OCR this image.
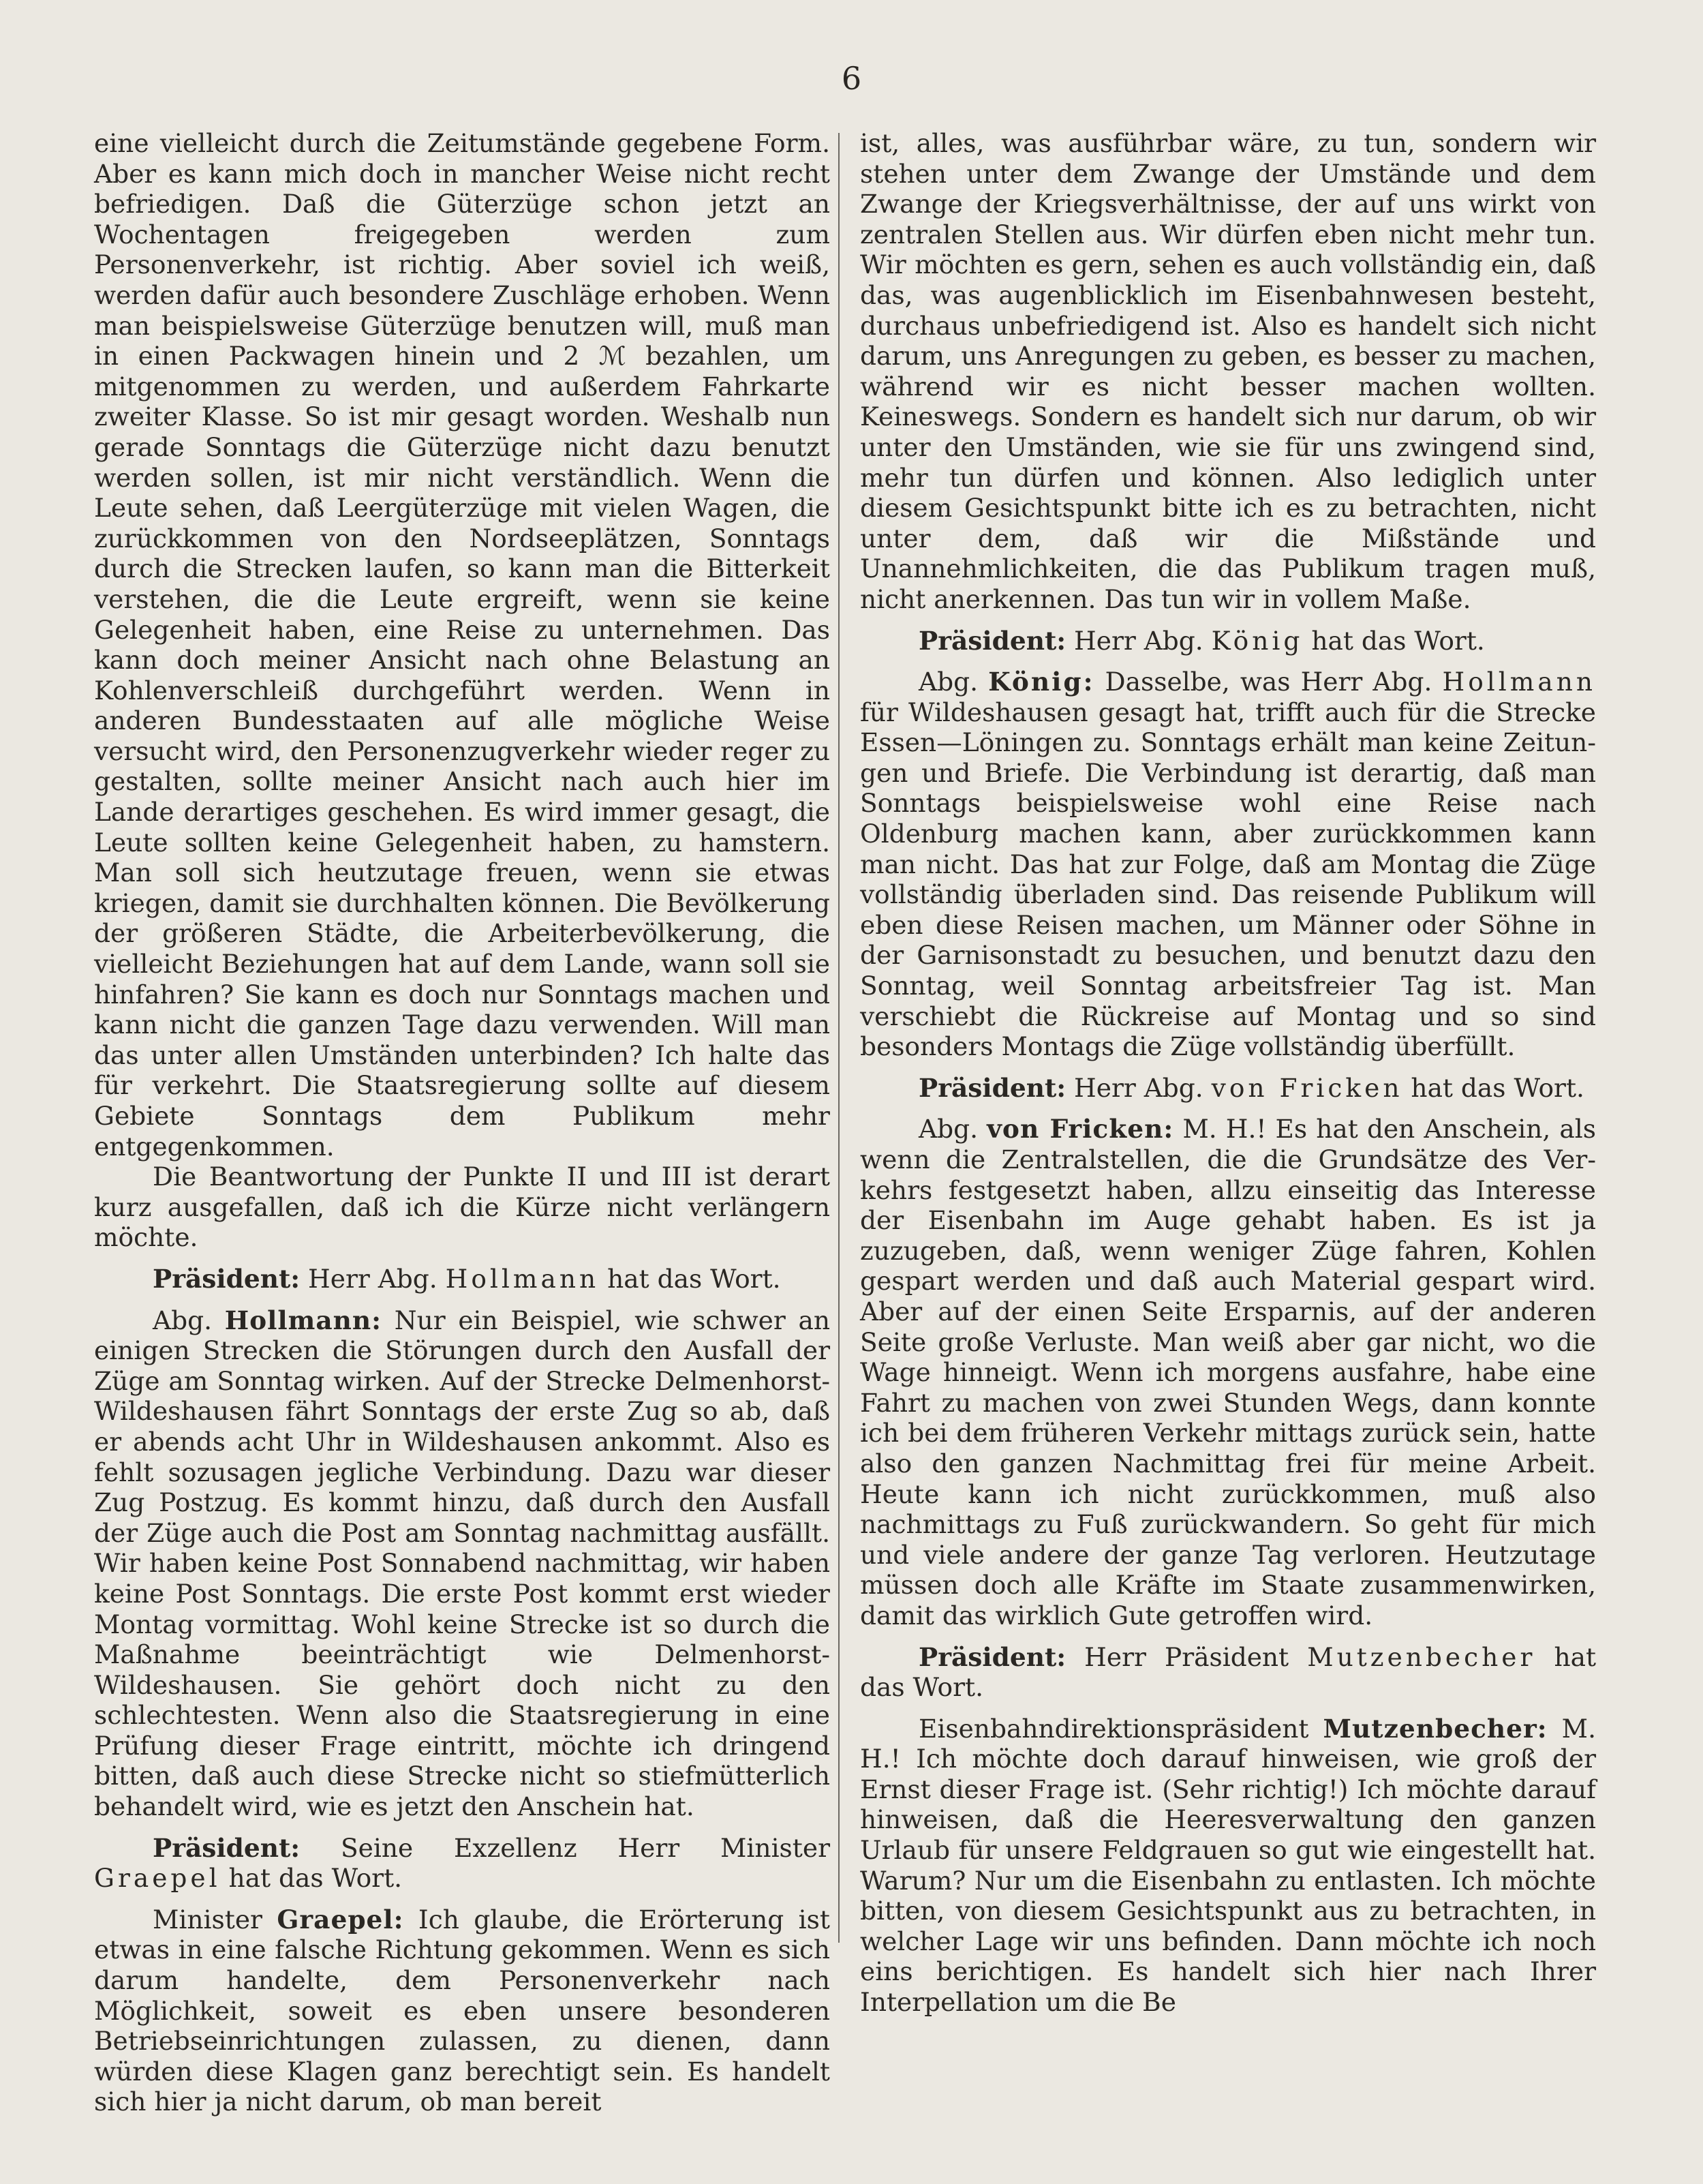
6

eine vielleicht durch die Zeitumstände gegebene Form. Aber es kann mich doch in mancher Weise nicht recht befriedigen. Daß die Güterzüge schon jetzt an Wochentagen freigegeben werden zum Personenverkehr, ist richtig. Aber soviel ich weiß, werden dafür auch besondere Zuschläge erhoben. Wenn man beispielsweise Güterzüge benutzen will, muß man in einen Packwagen hinein und 2 ℳ bezahlen, um mitgenommen zu werden, und außerdem Fahrkarte zweiter Klasse. So ist mir gesagt worden. Weshalb nun gerade Sonntags die Güterzüge nicht dazu benutzt werden sollen, ist mir nicht verständlich. Wenn die Leute sehen, daß Leergüterzüge mit vielen Wagen, die zurückkommen von den Nordseeplätzen, Sonntags durch die Strecken laufen, so kann man die Bitterkeit verstehen, die die Leute ergreift, wenn sie keine Gelegenheit haben, eine Reise zu unternehmen. Das kann doch meiner Ansicht nach ohne Belastung an Kohlenverschleiß durchgeführt werden. Wenn in anderen Bundesstaaten auf alle mögliche Weise versucht wird, den Personenzugverkehr wieder reger zu gestalten, sollte meiner Ansicht nach auch hier im Lande derartiges geschehen. Es wird immer gesagt, die Leute sollten keine Gelegenheit haben, zu hamstern. Man soll sich heutzutage freuen, wenn sie etwas kriegen, damit sie durchhalten können. Die Bevölkerung der größeren Städte, die Arbeiterbevölkerung, die vielleicht Beziehungen hat auf dem Lande, wann soll sie hinfahren? Sie kann es doch nur Sonntags machen und kann nicht die ganzen Tage dazu verwenden. Will man das unter allen Umständen unterbinden? Ich halte das für verkehrt. Die Staatsregierung sollte auf diesem Gebiete Sonntags dem Publikum mehr entgegenkommen.

Die Beantwortung der Punkte II und III ist derart kurz ausgefallen, daß ich die Kürze nicht verlängern möchte.

Präsident: Herr Abg. Hollmann hat das Wort.

Abg. Hollmann: Nur ein Beispiel, wie schwer an einigen Strecken die Störungen durch den Ausfall der Züge am Sonntag wirken. Auf der Strecke Delmenhorst-Wildeshausen fährt Sonntags der erste Zug so ab, daß er abends acht Uhr in Wildeshausen ankommt. Also es fehlt sozusagen jegliche Verbindung. Dazu war dieser Zug Postzug. Es kommt hinzu, daß durch den Ausfall der Züge auch die Post am Sonntag nachmittag ausfällt. Wir haben keine Post Sonnabend nachmittag, wir haben keine Post Sonntags. Die erste Post kommt erst wieder Montag vormittag. Wohl keine Strecke ist so durch die Maßnahme beeinträchtigt wie Delmenhorst-Wildeshausen. Sie gehört doch nicht zu den schlechtesten. Wenn also die Staatsregierung in eine Prüfung dieser Frage eintritt, möchte ich dringend bitten, daß auch diese Strecke nicht so stiefmütterlich behandelt wird, wie es jetzt den Anschein hat.

Präsident: Seine Exzellenz Herr Minister Graepel hat das Wort.

Minister Graepel: Ich glaube, die Erörterung ist etwas in eine falsche Richtung gekommen. Wenn es sich darum handelte, dem Personenverkehr nach Möglichkeit, soweit es eben unsere besonderen Betriebseinrichtungen zulassen, zu dienen, dann würden diese Klagen ganz berechtigt sein. Es handelt sich hier ja nicht darum, ob man bereit

ist, alles, was ausführbar wäre, zu tun, sondern wir stehen unter dem Zwange der Umstände und dem Zwange der Kriegsverhältnisse, der auf uns wirkt von zentralen Stellen aus. Wir dürfen eben nicht mehr tun. Wir möchten es gern, sehen es auch vollständig ein, daß das, was augenblicklich im Eisenbahnwesen besteht, durchaus unbefriedigend ist. Also es handelt sich nicht darum, uns Anregungen zu geben, es besser zu machen, während wir es nicht besser machen wollten. Keineswegs. Sondern es handelt sich nur darum, ob wir unter den Umständen, wie sie für uns zwingend sind, mehr tun dürfen und können. Also lediglich unter diesem Gesichtspunkt bitte ich es zu betrachten, nicht unter dem, daß wir die Mißstände und Unannehmlichkeiten, die das Publikum tragen muß, nicht anerkennen. Das tun wir in vollem Maße.

Präsident: Herr Abg. König hat das Wort.

Abg. König: Dasselbe, was Herr Abg. Hollmann für Wildeshausen gesagt hat, trifft auch für die Strecke Essen—Löningen zu. Sonntags erhält man keine Zeitungen und Briefe. Die Verbindung ist derartig, daß man Sonntags beispielsweise wohl eine Reise nach Oldenburg machen kann, aber zurückkommen kann man nicht. Das hat zur Folge, daß am Montag die Züge vollständig überladen sind. Das reisende Publikum will eben diese Reisen machen, um Männer oder Söhne in der Garnisonstadt zu besuchen, und benutzt dazu den Sonntag, weil Sonntag arbeitsfreier Tag ist. Man verschiebt die Rückreise auf Montag und so sind besonders Montags die Züge vollständig überfüllt.

Präsident: Herr Abg. von Fricken hat das Wort.

Abg. von Fricken: M. H.! Es hat den Anschein, als wenn die Zentralstellen, die die Grundsätze des Verkehrs festgesetzt haben, allzu einseitig das Interesse der Eisenbahn im Auge gehabt haben. Es ist ja zuzugeben, daß, wenn weniger Züge fahren, Kohlen gespart werden und daß auch Material gespart wird. Aber auf der einen Seite Ersparnis, auf der anderen Seite große Verluste. Man weiß aber gar nicht, wo die Wage hinneigt. Wenn ich morgens ausfahre, habe eine Fahrt zu machen von zwei Stunden Wegs, dann konnte ich bei dem früheren Verkehr mittags zurück sein, hatte also den ganzen Nachmittag frei für meine Arbeit. Heute kann ich nicht zurückkommen, muß also nachmittags zu Fuß zurückwandern. So geht für mich und viele andere der ganze Tag verloren. Heutzutage müssen doch alle Kräfte im Staate zusammenwirken, damit das wirklich Gute getroffen wird.

Präsident: Herr Präsident Mutzenbecher hat das Wort.

Eisenbahndirektionspräsident Mutzenbecher: M. H.! Ich möchte doch darauf hinweisen, wie groß der Ernst dieser Frage ist. (Sehr richtig!) Ich möchte darauf hinweisen, daß die Heeresverwaltung den ganzen Urlaub für unsere Feldgrauen so gut wie eingestellt hat. Warum? Nur um die Eisenbahn zu entlasten. Ich möchte bitten, von diesem Gesichtspunkt aus zu betrachten, in welcher Lage wir uns befinden. Dann möchte ich noch eins berichtigen. Es handelt sich hier nach Ihrer Interpellation um die Be
